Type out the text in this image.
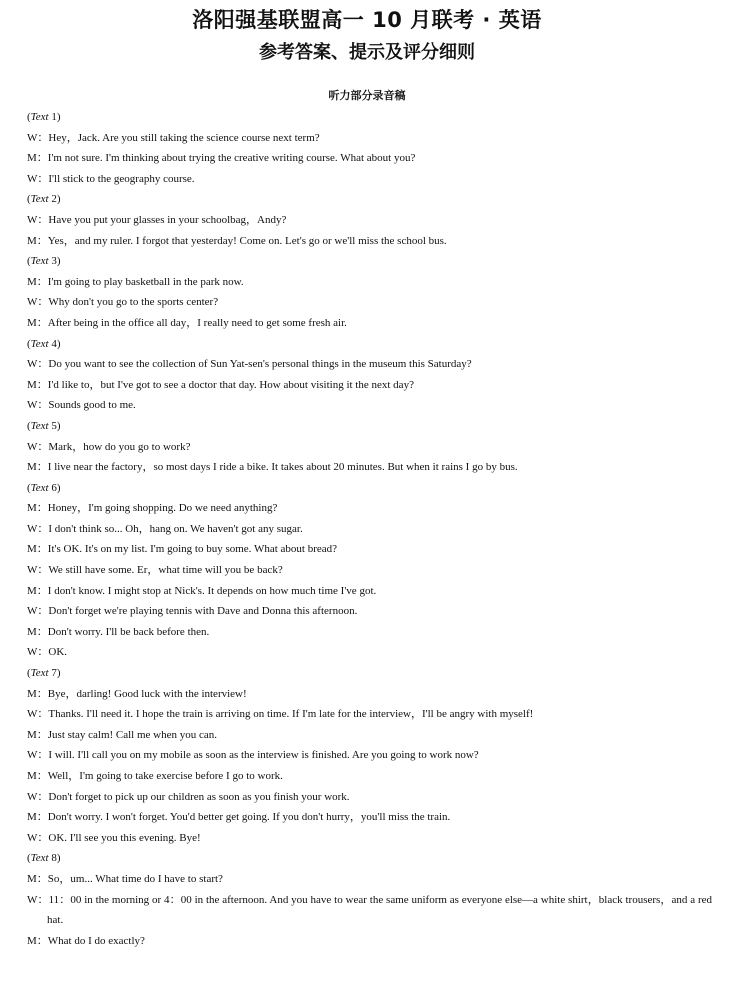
洛阳强基联盟高一 10 月联考 · 英语
参考答案、提示及评分细则
听力部分录音稿
(Text 1)
W：Hey，Jack. Are you still taking the science course next term?
M：I'm not sure. I'm thinking about trying the creative writing course. What about you?
W：I'll stick to the geography course.
(Text 2)
W：Have you put your glasses in your schoolbag，Andy?
M：Yes，and my ruler. I forgot that yesterday! Come on. Let's go or we'll miss the school bus.
(Text 3)
M：I'm going to play basketball in the park now.
W：Why don't you go to the sports center?
M：After being in the office all day，I really need to get some fresh air.
(Text 4)
W：Do you want to see the collection of Sun Yat-sen's personal things in the museum this Saturday?
M：I'd like to，but I've got to see a doctor that day. How about visiting it the next day?
W：Sounds good to me.
(Text 5)
W：Mark，how do you go to work?
M：I live near the factory，so most days I ride a bike. It takes about 20 minutes. But when it rains I go by bus.
(Text 6)
M：Honey，I'm going shopping. Do we need anything?
W：I don't think so... Oh，hang on. We haven't got any sugar.
M：It's OK. It's on my list. I'm going to buy some. What about bread?
W：We still have some. Er，what time will you be back?
M：I don't know. I might stop at Nick's. It depends on how much time I've got.
W：Don't forget we're playing tennis with Dave and Donna this afternoon.
M：Don't worry. I'll be back before then.
W：OK.
(Text 7)
M：Bye，darling! Good luck with the interview!
W：Thanks. I'll need it. I hope the train is arriving on time. If I'm late for the interview，I'll be angry with myself!
M：Just stay calm! Call me when you can.
W：I will. I'll call you on my mobile as soon as the interview is finished. Are you going to work now?
M：Well，I'm going to take exercise before I go to work.
W：Don't forget to pick up our children as soon as you finish your work.
M：Don't worry. I won't forget. You'd better get going. If you don't hurry，you'll miss the train.
W：OK. I'll see you this evening. Bye!
(Text 8)
M：So，um... What time do I have to start?
W：11：00 in the morning or 4：00 in the afternoon. And you have to wear the same uniform as everyone else—a white shirt，black trousers，and a red hat.
M：What do I do exactly?
